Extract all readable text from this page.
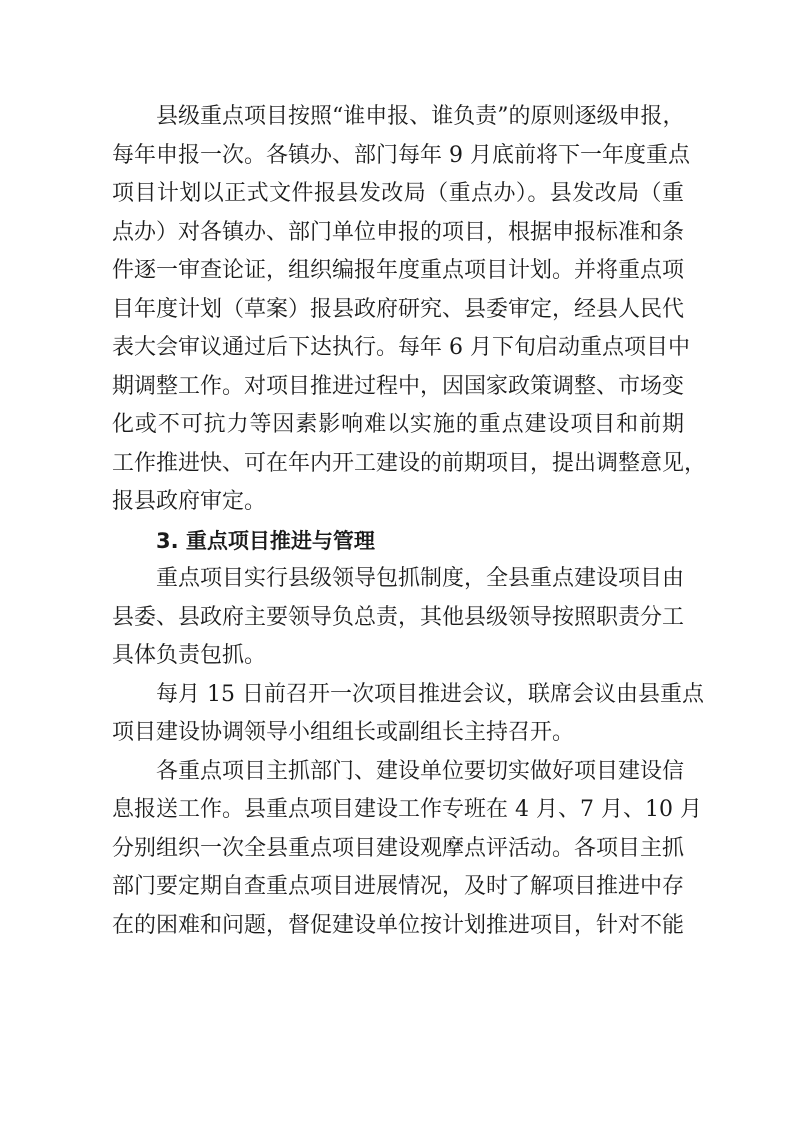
县级重点项目按照“谁申报、谁负责”的原则逐级申报，
每年申报一次。各镇办、部门每年 9 月底前将下一年度重点
项目计划以正式文件报县发改局（重点办）。县发改局（重
点办）对各镇办、部门单位申报的项目，根据申报标准和条
件逐一审查论证，组织编报年度重点项目计划。并将重点项
目年度计划（草案）报县政府研究、县委审定，经县人民代
表大会审议通过后下达执行。每年 6 月下旬启动重点项目中
期调整工作。对项目推进过程中，因国家政策调整、市场变
化或不可抗力等因素影响难以实施的重点建设项目和前期
工作推进快、可在年内开工建设的前期项目，提出调整意见，
报县政府审定。
3. 重点项目推进与管理
重点项目实行县级领导包抓制度，全县重点建设项目由
县委、县政府主要领导负总责，其他县级领导按照职责分工
具体负责包抓。
每月 15 日前召开一次项目推进会议，联席会议由县重点
项目建设协调领导小组组长或副组长主持召开。
各重点项目主抓部门、建设单位要切实做好项目建设信
息报送工作。县重点项目建设工作专班在 4 月、7 月、10 月
分别组织一次全县重点项目建设观摩点评活动。各项目主抓
部门要定期自查重点项目进展情况，及时了解项目推进中存
在的困难和问题，督促建设单位按计划推进项目，针对不能
